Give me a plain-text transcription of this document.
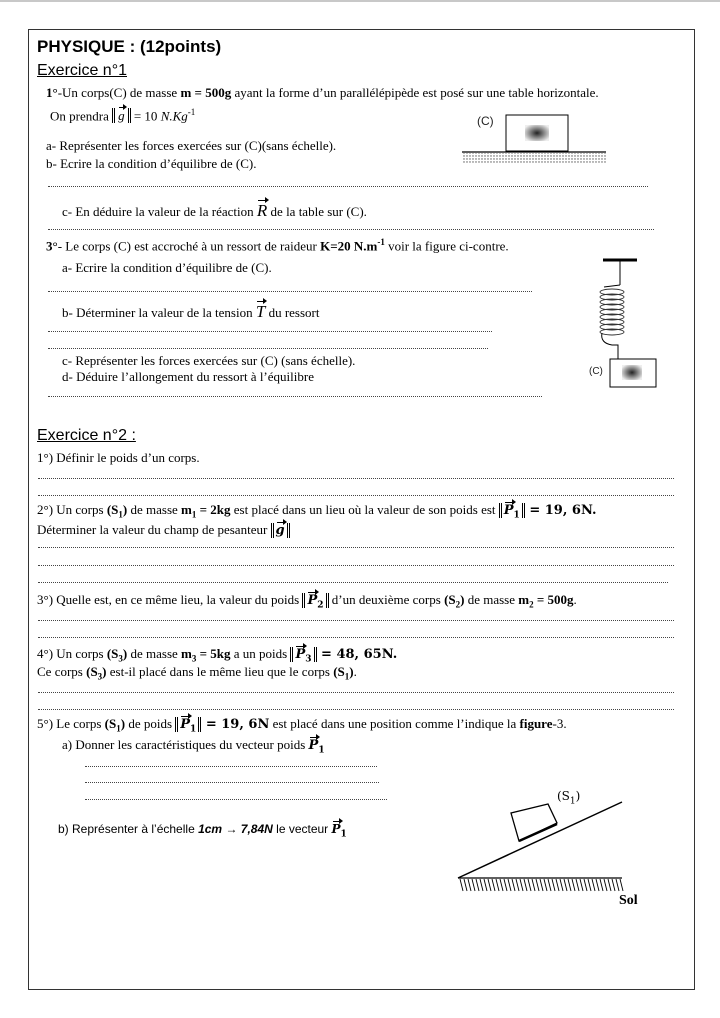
PHYSIQUE : (12points)
Exercice n°1
1°-Un corps(C) de masse m = 500g ayant la forme d’un parallélépipède est posé sur une table horizontale.
On prendra g = 10 $N.Kg^{-1}$
a- Représenter les forces exercées sur (C)(sans échelle).
b- Ecrire la condition d’équilibre de (C).
c- En déduire la valeur de la réaction R de la table sur (C).
3°- Le corps (C) est accroché à un ressort de raideur K=20 $N.m^{-1}$ voir la figure ci-contre.
a- Ecrire la condition d’équilibre de (C).
b- Déterminer la valeur de la tension T du ressort
c- Représenter les forces exercées sur (C) (sans échelle).
d- Déduire l’allongement du ressort à l’équilibre
(C)
(C)
Exercice n°2 :
1°) Définir le poids d’un corps.
2°) Un corps $(S_1)$ de masse $m_1 = 2kg$ est placé dans un lieu où la valeur de son poids est $P_1 = 19$, 6N.
Déterminer la valeur du champ de pesanteur g
3°) Quelle est, en ce même lieu, la valeur du poids $P_2$ d’un deuxième corps $(S_2)$ de masse $m_2 = 500g$.
4°) Un corps $(S_3)$ de masse $m_3 = 5kg$ a un poids $P_3 = 48$, 65N.
Ce corps $(S_3)$ est-il placé dans le même lieu que le corps $(S_1)$.
5°) Le corps $(S_1)$ de poids $P_1 = 19$, 6N est placé dans une position comme l’indique la figure-3.
a) Donner les caractéristiques du vecteur poids $P_1$
b) Représenter à l’échelle 1cm → 7,84N le vecteur $P_1$
$(S_1)$
Sol
